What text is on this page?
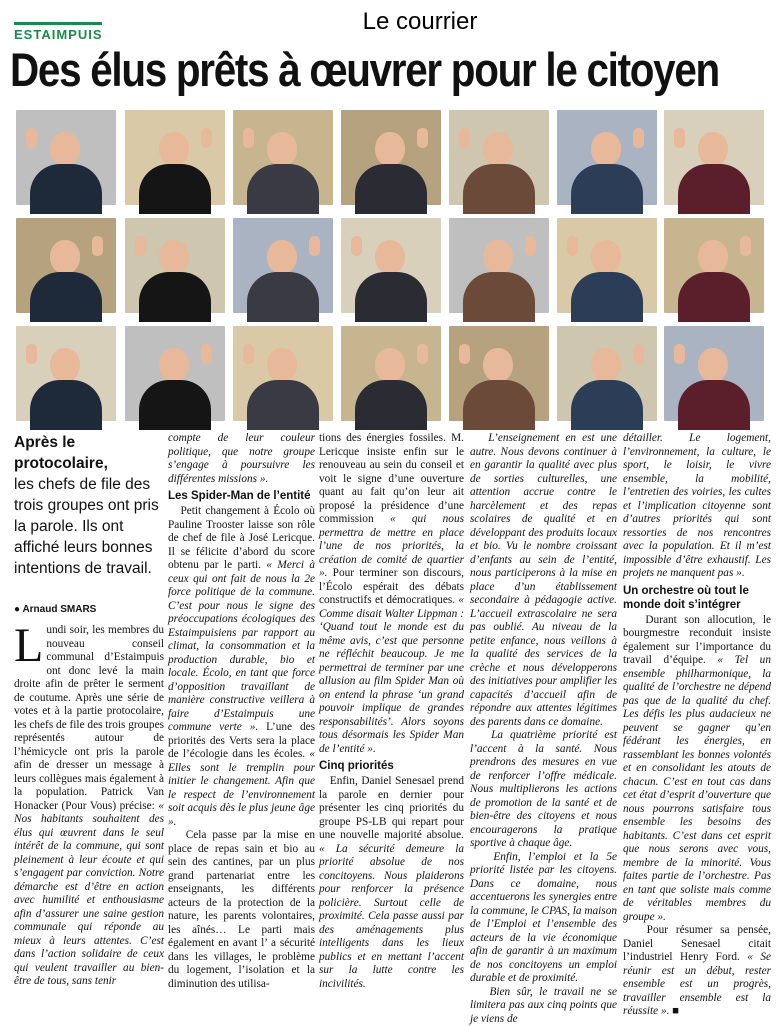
Le courrier
ESTAIMPUIS
Des élus prêts à œuvrer pour le citoyen
Après le protocolaire,
les chefs de file des trois groupes ont pris la parole. Ils ont affiché leurs bonnes intentions de travail.
● Arnaud SMARS

Lundi soir, les membres du nouveau conseil communal d’Estaimpuis ont donc levé la main droite afin de prêter le serment de coutume. Après une série de votes et à la partie protocolaire, les chefs de file des trois groupes représentés autour de l’hémicycle ont pris la parole afin de dresser un message à leurs collègues mais également à la population. Patrick Van Honacker (Pour Vous) précise: « Nos habitants souhaitent des élus qui œuvrent dans le seul intérêt de la commune, qui sont pleinement à leur écoute et qui s’engagent par conviction. Notre démarche est d’être en action avec humilité et enthousiasme afin d’assurer une saine gestion communale qui réponde au mieux à leurs attentes. C’est dans l’action solidaire de ceux qui veulent travailler au bien-être de tous, sans tenir

compte de leur couleur politique, que notre groupe s’engage à poursuivre les différentes missions ».

Les Spider-Man de l’entité

Petit changement à Écolo où Pauline Trooster laisse son rôle de chef de file à José Lericque. Il se félicite d’abord du score obtenu par le parti. « Merci à ceux qui ont fait de nous la 2e force politique de la commune. C’est pour nous le signe des préoccupations écologiques des Estaimpuisiens par rapport au climat, la consommation et la production durable, bio et locale. Écolo, en tant que force d’opposition travaillant de manière constructive veillera à faire d’Estaimpuis une commune verte ». L’une des priorités des Verts sera la place de l’écologie dans les écoles. « Elles sont le tremplin pour initier le changement. Afin que le respect de l’environnement soit acquis dès le plus jeune âge ».

Cela passe par la mise en place de repas sain et bio au sein des cantines, par un plus grand partenariat entre les enseignants, les différents acteurs de la protection de la nature, les parents volontaires, les aînés… Le parti mais également en avant l’ a sécurité dans les villages, le problème du logement, l’isolation et la diminution des utilisa-

tions des énergies fossiles. M. Lericque insiste enfin sur le renouveau au sein du conseil et voit le signe d’une ouverture quant au fait qu’on leur ait proposé la présidence d’une commission « qui nous permettra de mettre en place l’une de nos priorités, la création de comité de quartier ». Pour terminer son discours, l’Écolo espérait des débats constructifs et démocratiques. « Comme disait Walter Lippman : ‘Quand tout le monde est du même avis, c’est que personne ne réfléchit beaucoup. Je me permettrai de terminer par une allusion au film Spider Man où on entend la phrase ‘un grand pouvoir implique de grandes responsabilités’. Alors soyons tous désormais les Spider Man de l’entité ».

Cinq priorités

Enfin, Daniel Senesael prend la parole en dernier pour présenter les cinq priorités du groupe PS-LB qui repart pour une nouvelle majorité absolue. « La sécurité demeure la priorité absolue de nos concitoyens. Nous plaiderons pour renforcer la présence policière. Surtout celle de proximité. Cela passe aussi par des aménagements plus intelligents dans les lieux publics et en mettant l’accent sur la lutte contre les incivilités.

L’enseignement en est une autre. Nous devons continuer à en garantir la qualité avec plus de sorties culturelles, une attention accrue contre le harcèlement et des repas scolaires de qualité et en développant des produits locaux et bio. Vu le nombre croissant d’enfants au sein de l’entité, nous participerons à la mise en place d’un établissement secondaire à pédagogie active. L’accueil extrascolaire ne sera pas oublié. Au niveau de la petite enfance, nous veillons à la qualité des services de la crèche et nous développerons des initiatives pour amplifier les capacités d’accueil afin de répondre aux attentes légitimes des parents dans ce domaine.

La quatrième priorité est l’accent à la santé. Nous prendrons des mesures en vue de renforcer l’offre médicale. Nous multiplierons les actions de promotion de la santé et de bien-être des citoyens et nous encouragerons la pratique sportive à chaque âge.

Enfin, l’emploi et la 5e priorité listée par les citoyens. Dans ce domaine, nous accentuerons les synergies entre la commune, le CPAS, la maison de l’Emploi et l’ensemble des acteurs de la vie économique afin de garantir à un maximum de nos concitoyens un emploi durable et de proximité.

Bien sûr, le travail ne se limitera pas aux cinq points que je viens de

détailler. Le logement, l’environnement, la culture, le sport, le loisir, le vivre ensemble, la mobilité, l’entretien des voiries, les cultes et l’implication citoyenne sont d’autres priorités qui sont ressorties de nos rencontres avec la population. Et il m’est impossible d’être exhaustif. Les projets ne manquent pas ».

Un orchestre où tout le monde doit s’intégrer

Durant son allocution, le bourgmestre reconduit insiste également sur l’importance du travail d’équipe. « Tel un ensemble philharmonique, la qualité de l’orchestre ne dépend pas que de la qualité du chef. Les défis les plus audacieux ne peuvent se gagner qu’en fédérant les énergies, en rassemblant les bonnes volontés et en consolidant les atouts de chacun. C’est en tout cas dans cet état d’esprit d’ouverture que nous pourrons satisfaire tous ensemble les besoins des habitants. C’est dans cet esprit que nous serons avec vous, membre de la minorité. Vous faites partie de l’orchestre. Pas en tant que soliste mais comme de véritables membres du groupe ».

Pour résumer sa pensée, Daniel Senesael citait l’industriel Henry Ford. « Se réunir est un début, rester ensemble est un progrès, travailler ensemble est la réussite ». ■
